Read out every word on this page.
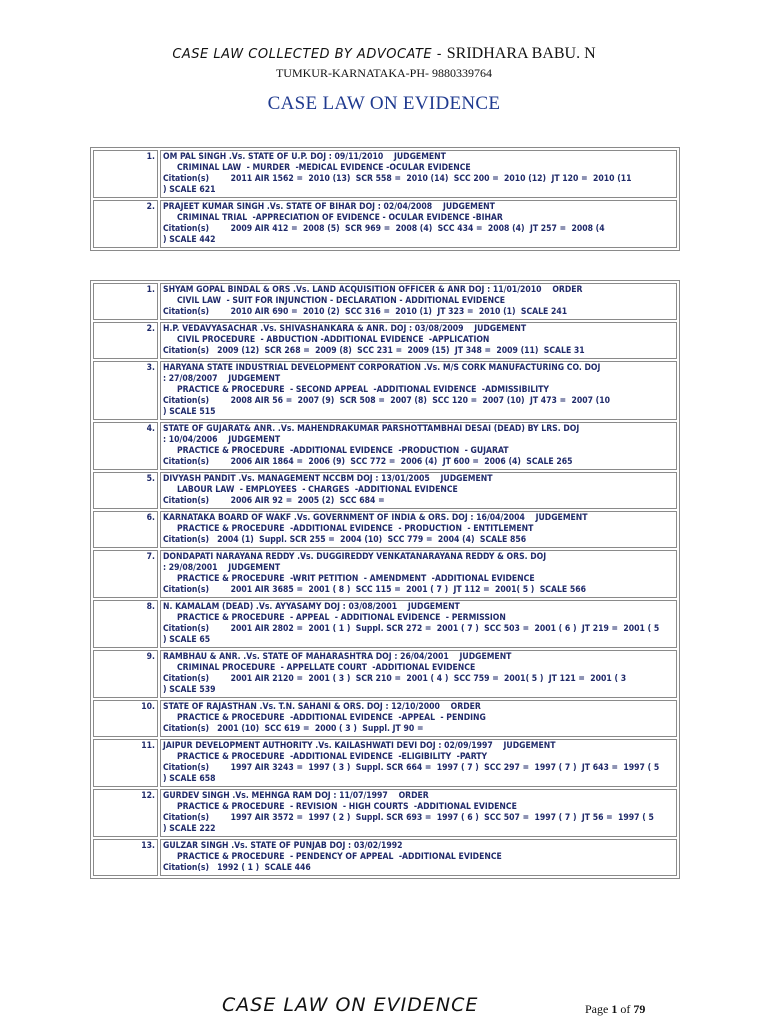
CASE LAW COLLECTED BY ADVOCATE - SRIDHARA BABU. N
TUMKUR-KARNATAKA-PH- 9880339764
CASE LAW ON EVIDENCE
1.	OM PAL SINGH .Vs. STATE OF U.P. DOJ : 09/11/2010    JUDGEMENT
CRIMINAL LAW  - MURDER  -MEDICAL EVIDENCE -OCULAR EVIDENCE
Citation(s)        2011 AIR 1562 =  2010 (13)  SCR 558 =  2010 (14)  SCC 200 =  2010 (12)  JT 120 =  2010 (11
) SCALE 621

2.	PRAJEET KUMAR SINGH .Vs. STATE OF BIHAR DOJ : 02/04/2008    JUDGEMENT
CRIMINAL TRIAL  -APPRECIATION OF EVIDENCE - OCULAR EVIDENCE -BIHAR
Citation(s)        2009 AIR 412 =  2008 (5)  SCR 969 =  2008 (4)  SCC 434 =  2008 (4)  JT 257 =  2008 (4
) SCALE 442
1.	SHYAM GOPAL BINDAL & ORS .Vs. LAND ACQUISITION OFFICER & ANR DOJ : 11/01/2010    ORDER
CIVIL LAW  - SUIT FOR INJUNCTION - DECLARATION - ADDITIONAL EVIDENCE
Citation(s)        2010 AIR 690 =  2010 (2)  SCC 316 =  2010 (1)  JT 323 =  2010 (1)  SCALE 241

2.	H.P. VEDAVYASACHAR .Vs. SHIVASHANKARA & ANR. DOJ : 03/08/2009    JUDGEMENT
CIVIL PROCEDURE  - ABDUCTION -ADDITIONAL EVIDENCE  -APPLICATION
Citation(s)   2009 (12)  SCR 268 =  2009 (8)  SCC 231 =  2009 (15)  JT 348 =  2009 (11)  SCALE 31

3.	HARYANA STATE INDUSTRIAL DEVELOPMENT CORPORATION .Vs. M/S CORK MANUFACTURING CO. DOJ
: 27/08/2007    JUDGEMENT
PRACTICE & PROCEDURE  - SECOND APPEAL  -ADDITIONAL EVIDENCE  -ADMISSIBILITY
Citation(s)        2008 AIR 56 =  2007 (9)  SCR 508 =  2007 (8)  SCC 120 =  2007 (10)  JT 473 =  2007 (10
) SCALE 515

4.	STATE OF GUJARAT& ANR. .Vs. MAHENDRAKUMAR PARSHOTTAMBHAI DESAI (DEAD) BY LRS. DOJ
: 10/04/2006    JUDGEMENT
PRACTICE & PROCEDURE  -ADDITIONAL EVIDENCE  -PRODUCTION  - GUJARAT
Citation(s)        2006 AIR 1864 =  2006 (9)  SCC 772 =  2006 (4)  JT 600 =  2006 (4)  SCALE 265

5.	DIVYASH PANDIT .Vs. MANAGEMENT NCCBM DOJ : 13/01/2005    JUDGEMENT
LABOUR LAW  - EMPLOYEES  - CHARGES  -ADDITIONAL EVIDENCE
Citation(s)        2006 AIR 92 =  2005 (2)  SCC 684 =

6.	KARNATAKA BOARD OF WAKF .Vs. GOVERNMENT OF INDIA & ORS. DOJ : 16/04/2004    JUDGEMENT
PRACTICE & PROCEDURE  -ADDITIONAL EVIDENCE  - PRODUCTION  - ENTITLEMENT
Citation(s)   2004 (1)  Suppl. SCR 255 =  2004 (10)  SCC 779 =  2004 (4)  SCALE 856

7.	DONDAPATI NARAYANA REDDY .Vs. DUGGIREDDY VENKATANARAYANA REDDY & ORS. DOJ
: 29/08/2001    JUDGEMENT
PRACTICE & PROCEDURE  -WRIT PETITION  - AMENDMENT  -ADDITIONAL EVIDENCE
Citation(s)        2001 AIR 3685 =  2001 ( 8 )  SCC 115 =  2001 ( 7 )  JT 112 =  2001( 5 )  SCALE 566

8.	N. KAMALAM (DEAD) .Vs. AYYASAMY DOJ : 03/08/2001    JUDGEMENT
PRACTICE & PROCEDURE  - APPEAL  - ADDITIONAL EVIDENCE  - PERMISSION
Citation(s)        2001 AIR 2802 =  2001 ( 1 )  Suppl. SCR 272 =  2001 ( 7 )  SCC 503 =  2001 ( 6 )  JT 219 =  2001 ( 5
) SCALE 65

9.	RAMBHAU & ANR. .Vs. STATE OF MAHARASHTRA DOJ : 26/04/2001    JUDGEMENT
CRIMINAL PROCEDURE  - APPELLATE COURT  -ADDITIONAL EVIDENCE
Citation(s)        2001 AIR 2120 =  2001 ( 3 )  SCR 210 =  2001 ( 4 )  SCC 759 =  2001( 5 )  JT 121 =  2001 ( 3
) SCALE 539

10.	STATE OF RAJASTHAN .Vs. T.N. SAHANI & ORS. DOJ : 12/10/2000    ORDER
PRACTICE & PROCEDURE  -ADDITIONAL EVIDENCE  -APPEAL  - PENDING
Citation(s)   2001 (10)  SCC 619 =  2000 ( 3 )  Suppl. JT 90 =

11.	JAIPUR DEVELOPMENT AUTHORITY .Vs. KAILASHWATI DEVI DOJ : 02/09/1997    JUDGEMENT
PRACTICE & PROCEDURE  -ADDITIONAL EVIDENCE  -ELIGIBILITY  -PARTY
Citation(s)        1997 AIR 3243 =  1997 ( 3 )  Suppl. SCR 664 =  1997 ( 7 )  SCC 297 =  1997 ( 7 )  JT 643 =  1997 ( 5
) SCALE 658

12.	GURDEV SINGH .Vs. MEHNGA RAM DOJ : 11/07/1997    ORDER
PRACTICE & PROCEDURE  - REVISION  - HIGH COURTS  -ADDITIONAL EVIDENCE
Citation(s)        1997 AIR 3572 =  1997 ( 2 )  Suppl. SCR 693 =  1997 ( 6 )  SCC 507 =  1997 ( 7 )  JT 56 =  1997 ( 5
) SCALE 222

13.	GULZAR SINGH .Vs. STATE OF PUNJAB DOJ : 03/02/1992
PRACTICE & PROCEDURE  - PENDENCY OF APPEAL  -ADDITIONAL EVIDENCE
Citation(s)   1992 ( 1 )  SCALE 446
CASE LAW ON EVIDENCE	Page 1 of 79
